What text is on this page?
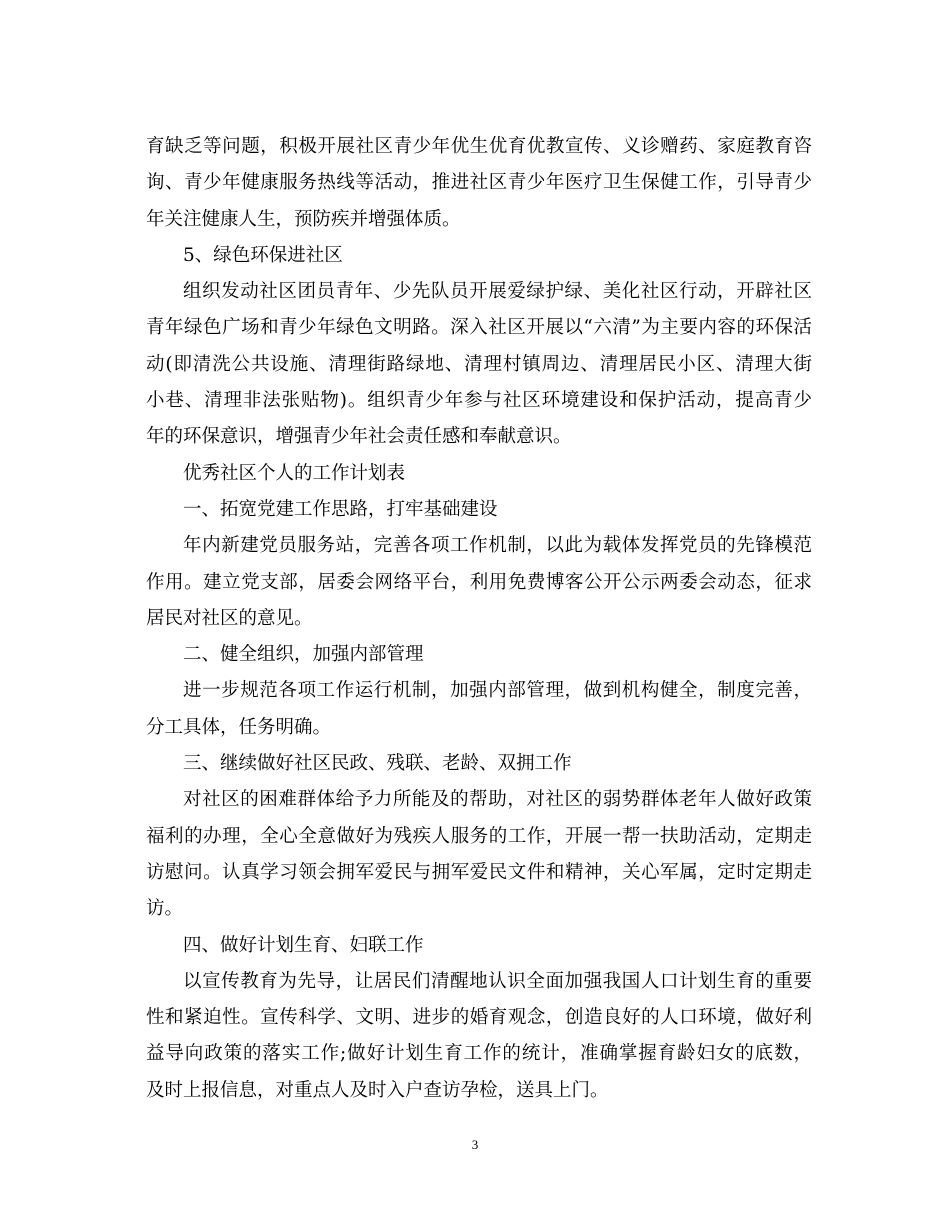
育缺乏等问题，积极开展社区青少年优生优育优教宣传、义诊赠药、家庭教育咨
询、青少年健康服务热线等活动，推进社区青少年医疗卫生保健工作，引导青少
年关注健康人生，预防疾并增强体质。
5、绿色环保进社区
组织发动社区团员青年、少先队员开展爱绿护绿、美化社区行动，开辟社区
青年绿色广场和青少年绿色文明路。深入社区开展以“六清”为主要内容的环保活
动(即清洗公共设施、清理街路绿地、清理村镇周边、清理居民小区、清理大街
小巷、清理非法张贴物)。组织青少年参与社区环境建设和保护活动，提高青少
年的环保意识，增强青少年社会责任感和奉献意识。
优秀社区个人的工作计划表
一、拓宽党建工作思路，打牢基础建设
年内新建党员服务站，完善各项工作机制，以此为载体发挥党员的先锋模范
作用。建立党支部，居委会网络平台，利用免费博客公开公示两委会动态，征求
居民对社区的意见。
二、健全组织，加强内部管理
进一步规范各项工作运行机制，加强内部管理，做到机构健全，制度完善，
分工具体，任务明确。
三、继续做好社区民政、残联、老龄、双拥工作
对社区的困难群体给予力所能及的帮助，对社区的弱势群体老年人做好政策
福利的办理，全心全意做好为残疾人服务的工作，开展一帮一扶助活动，定期走
访慰问。认真学习领会拥军爱民与拥军爱民文件和精神，关心军属，定时定期走
访。
四、做好计划生育、妇联工作
以宣传教育为先导，让居民们清醒地认识全面加强我国人口计划生育的重要
性和紧迫性。宣传科学、文明、进步的婚育观念，创造良好的人口环境，做好利
益导向政策的落实工作;做好计划生育工作的统计，准确掌握育龄妇女的底数，
及时上报信息，对重点人及时入户查访孕检，送具上门。
3
